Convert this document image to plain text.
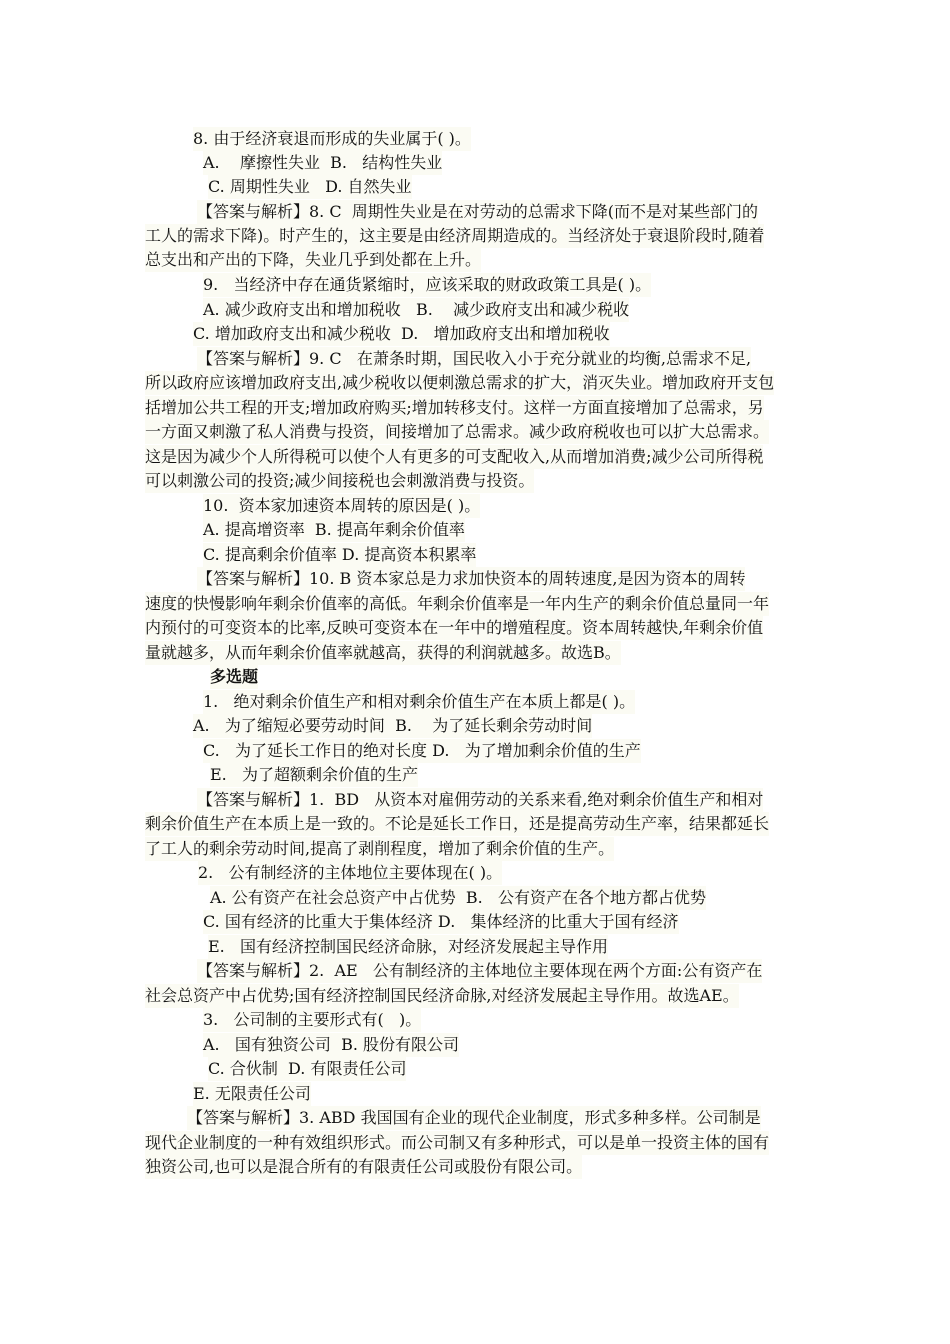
8. 由于经济衰退而形成的失业属于( )。
A.    摩擦性失业  B.   结构性失业
C. 周期性失业   D. 自然失业
【答案与解析】8. C  周期性失业是在对劳动的总需求下降(而不是对某些部门的
工人的需求下降)。时产生的，这主要是由经济周期造成的。当经济处于衰退阶段时,随着
总支出和产出的下降，失业几乎到处都在上升。
9.   当经济中存在通货紧缩时，应该采取的财政政策工具是( )。
A. 减少政府支出和增加税收   B.    减少政府支出和减少税收
C. 增加政府支出和减少税收  D.   增加政府支出和增加税收
【答案与解析】9. C   在萧条时期，国民收入小于充分就业的均衡,总需求不足,
所以政府应该增加政府支出,减少税收以便刺激总需求的扩大，消灭失业。增加政府开支包
括增加公共工程的开支;增加政府购买;增加转移支付。这样一方面直接增加了总需求，另
一方面又刺激了私人消费与投资，间接增加了总需求。减少政府税收也可以扩大总需求。
这是因为减少个人所得税可以使个人有更多的可支配收入,从而增加消费;减少公司所得税
可以刺激公司的投资;减少间接税也会刺激消费与投资。
10.  资本家加速资本周转的原因是( )。
A. 提高增资率  B. 提高年剩余价值率
C. 提高剩余价值率 D. 提高资本积累率
【答案与解析】10. B 资本家总是力求加快资本的周转速度,是因为资本的周转
速度的快慢影响年剩余价值率的高低。年剩余价值率是一年内生产的剩余价值总量同一年
内预付的可变资本的比率,反映可变资本在一年中的增殖程度。资本周转越快,年剩余价值
量就越多，从而年剩余价值率就越高，获得的利润就越多。故选B。
多选题
1.   绝对剩余价值生产和相对剩余价值生产在本质上都是( )。
A.   为了缩短必要劳动时间  B.    为了延长剩余劳动时间
C.   为了延长工作日的绝对长度 D.   为了增加剩余价值的生产
E.   为了超额剩余价值的生产
【答案与解析】1.  BD   从资本对雇佣劳动的关系来看,绝对剩余价值生产和相对
剩余价值生产在本质上是一致的。不论是延长工作日，还是提高劳动生产率，结果都延长
了工人的剩余劳动时间,提高了剥削程度，增加了剩余价值的生产。
2.   公有制经济的主体地位主要体现在( )。
A. 公有资产在社会总资产中占优势  B.   公有资产在各个地方都占优势
C. 国有经济的比重大于集体经济 D.   集体经济的比重大于国有经济
E.   国有经济控制国民经济命脉，对经济发展起主导作用
【答案与解析】2.  AE   公有制经济的主体地位主要体现在两个方面:公有资产在
社会总资产中占优势;国有经济控制国民经济命脉,对经济发展起主导作用。故选AE。
3.   公司制的主要形式有(   )。
A.   国有独资公司  B. 股份有限公司
C. 合伙制  D. 有限责任公司
E. 无限责任公司
【答案与解析】3. ABD 我国国有企业的现代企业制度，形式多种多样。公司制是
现代企业制度的一种有效组织形式。而公司制又有多种形式，可以是单一投资主体的国有
独资公司,也可以是混合所有的有限责任公司或股份有限公司。
